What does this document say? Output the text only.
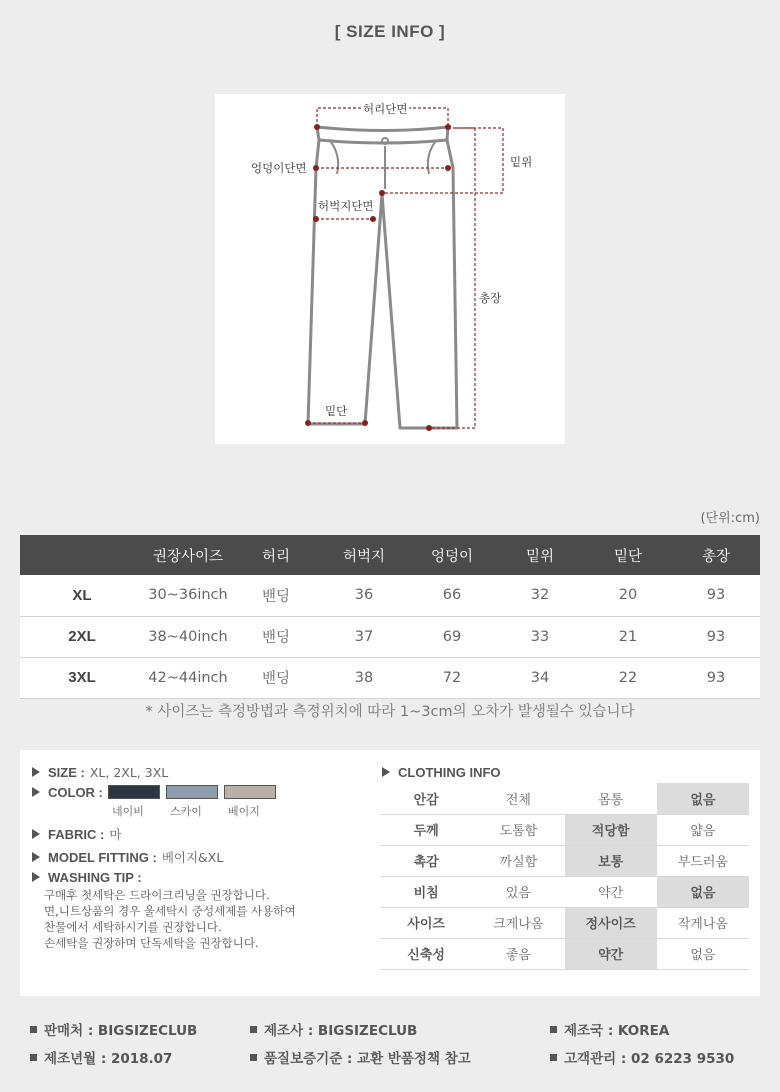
[ SIZE INFO ]
허리단면
엉덩이단면	밑위
허벅지단면
총장
밑단
(단위:cm)
	권장사이즈	허리	허벅지	엉덩이	밑위	밑단	총장
XL	30~36inch	밴딩	36	66	32	20	93
2XL	38~40inch	밴딩	37	69	33	21	93
3XL	42~44inch	밴딩	38	72	34	22	93
* 사이즈는 측정방법과 측정위치에 따라 1~3cm의 오차가 발생될수 있습니다
SIZE : XL, 2XL, 3XL
COLOR :
네이비	스카이	베이지
FABRIC : 마
MODEL FITTING : 베이지&XL
WASHING TIP :
구매후 첫세탁은 드라이크리닝을 권장합니다.
면,니트상품의 경우 울세탁시 중성세제를 사용하여
찬물에서 세탁하시기를 권장합니다.
손세탁을 권장하며 단독세탁을 권장합니다.
CLOTHING INFO
안감	전체	몸통	없음
두께	도톰함	적당함	얇음
촉감	까실함	보통	부드러움
비침	있음	약간	없음
사이즈	크게나옴	정사이즈	작게나옴
신축성	좋음	약간	없음
판매처 : BIGSIZECLUB	제조사 : BIGSIZECLUB	제조국 : KOREA
제조년월 : 2018.07	품질보증기준 : 교환 반품정책 참고	고객관리 : 02 6223 9530
